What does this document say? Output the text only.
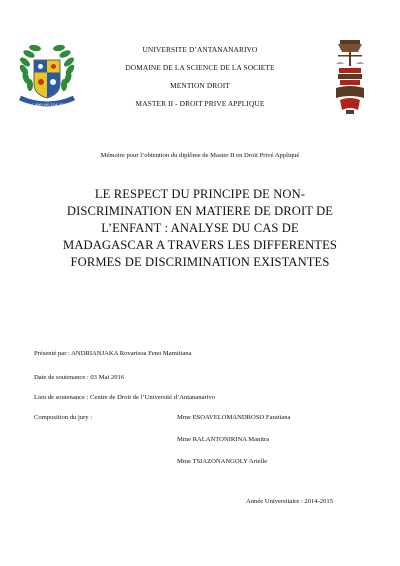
IZAY ELA VAKY NO TOA AN'ASAVY
UNIVERSITE D’ANTANANARIVO
DOMAINE DE LA SCIENCE DE LA SOCIETE
MENTION DROIT
MASTER II - DROIT PRIVE APPLIQUE
Mémoire pour l’obtention du diplôme de Master II en Droit Privé Appliqué
LE RESPECT DU PRINCIPE DE NON-
DISCRIMINATION EN MATIERE DE DROIT DE
L’ENFANT : ANALYSE DU CAS DE
MADAGASCAR A TRAVERS LES DIFFERENTES
FORMES DE DISCRIMINATION EXISTANTES
Présenté par : ANDRIANJAKA Rovarisoa Feno Mamitiana
Date de soutenance : 03 Mai 2016
Lieu de soutenance : Centre de Droit de l’Université d’Antananarivo
Composition du jury :	Mme ESOAVELOMANDROSO Faratiana
Mme RALANTONIRINA Manitra
Mme TSIAZONANGOLY Arielle
Année Universitaire : 2014-2015
